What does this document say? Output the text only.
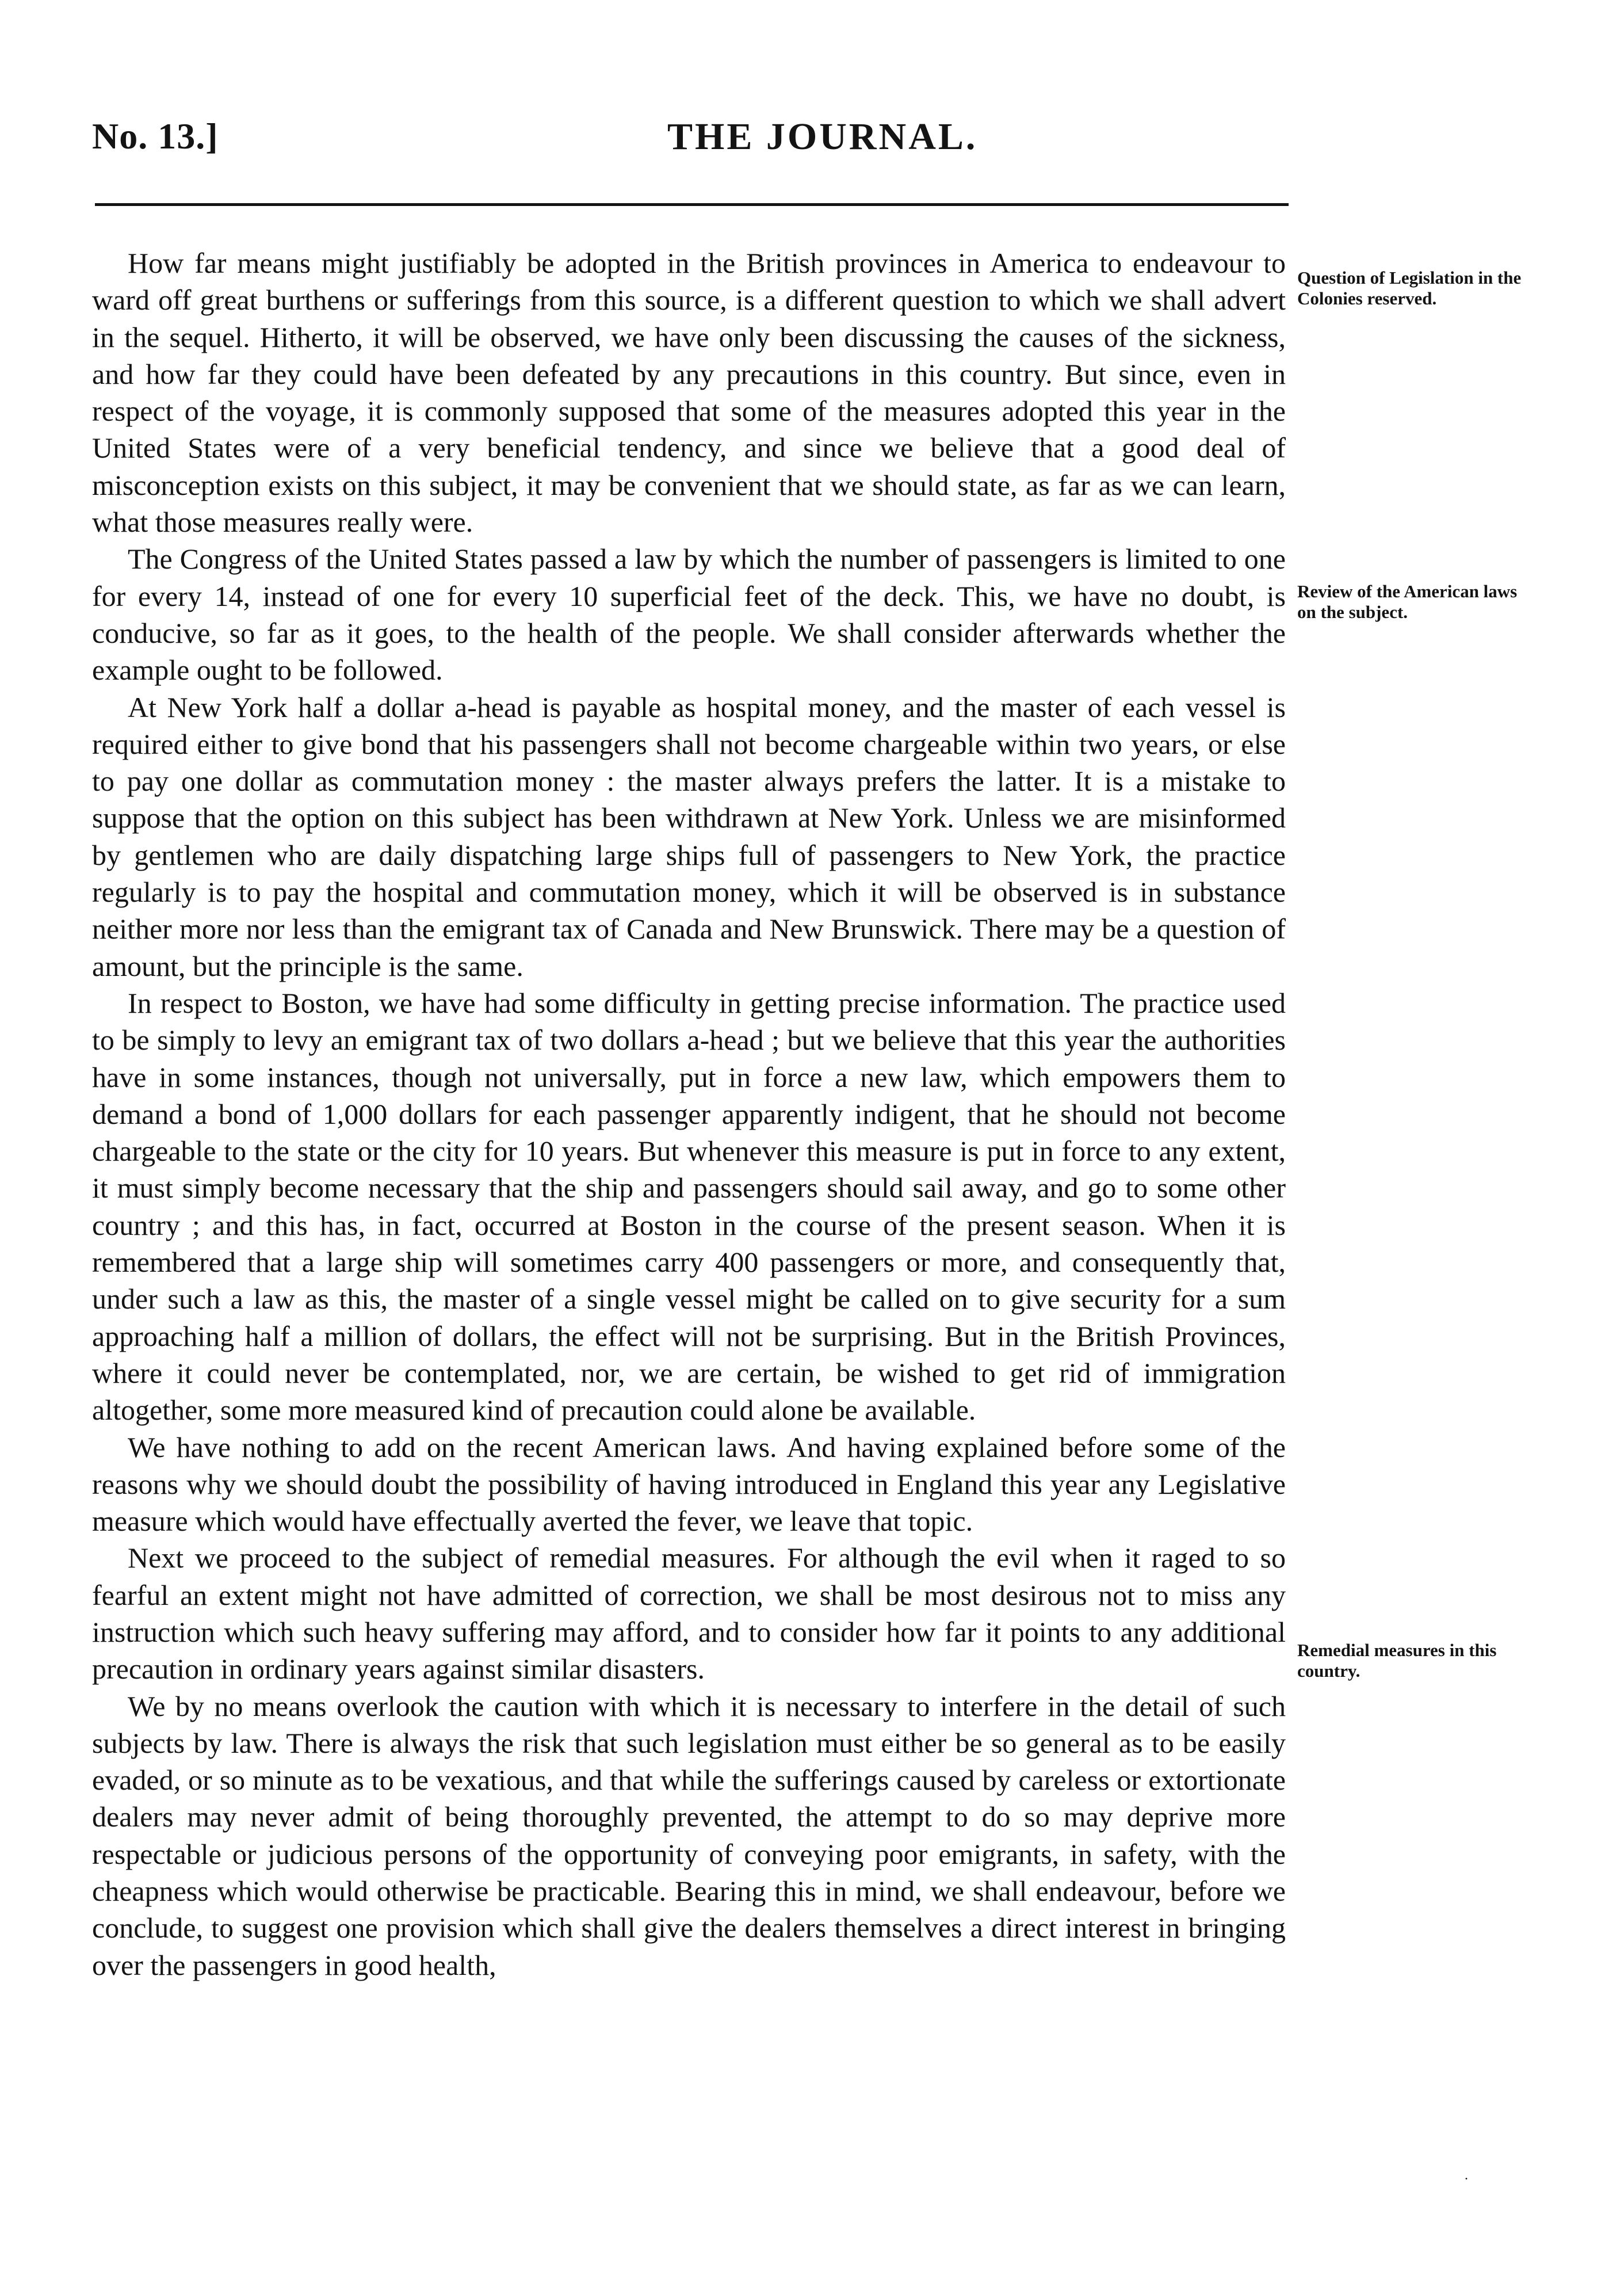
No. 13.]	THE JOURNAL.

How far means might justifiably be adopted in the British provinces in America to endeavour to ward off great burthens or sufferings from this source, is a different question to which we shall advert in the sequel. Hitherto, it will be observed, we have only been discussing the causes of the sickness, and how far they could have been defeated by any precautions in this country. But since, even in respect of the voyage, it is commonly supposed that some of the measures adopted this year in the United States were of a very beneficial tendency, and since we believe that a good deal of misconception exists on this subject, it may be convenient that we should state, as far as we can learn, what those measures really were.

The Congress of the United States passed a law by which the number of passengers is limited to one for every 14, instead of one for every 10 superficial feet of the deck. This, we have no doubt, is conducive, so far as it goes, to the health of the people. We shall consider afterwards whether the example ought to be followed.

At New York half a dollar a-head is payable as hospital money, and the master of each vessel is required either to give bond that his passengers shall not become chargeable within two years, or else to pay one dollar as commutation money : the master always prefers the latter. It is a mistake to suppose that the option on this subject has been withdrawn at New York. Unless we are misinformed by gentlemen who are daily dispatching large ships full of passengers to New York, the practice regularly is to pay the hospital and commutation money, which it will be observed is in substance neither more nor less than the emigrant tax of Canada and New Brunswick. There may be a question of amount, but the principle is the same.

In respect to Boston, we have had some difficulty in getting precise information. The practice used to be simply to levy an emigrant tax of two dollars a-head ; but we believe that this year the authorities have in some instances, though not universally, put in force a new law, which empowers them to demand a bond of 1,000 dollars for each passenger apparently indigent, that he should not become chargeable to the state or the city for 10 years. But whenever this measure is put in force to any extent, it must simply become necessary that the ship and passengers should sail away, and go to some other country ; and this has, in fact, occurred at Boston in the course of the present season. When it is remembered that a large ship will sometimes carry 400 passengers or more, and consequently that, under such a law as this, the master of a single vessel might be called on to give security for a sum approaching half a million of dollars, the effect will not be surprising. But in the British Provinces, where it could never be contemplated, nor, we are certain, be wished to get rid of immigration altogether, some more measured kind of precaution could alone be available.

We have nothing to add on the recent American laws. And having explained before some of the reasons why we should doubt the possibility of having introduced in England this year any Legislative measure which would have effectually averted the fever, we leave that topic.

Next we proceed to the subject of remedial measures. For although the evil when it raged to so fearful an extent might not have admitted of correction, we shall be most desirous not to miss any instruction which such heavy suffering may afford, and to consider how far it points to any additional precaution in ordinary years against similar disasters.

We by no means overlook the caution with which it is necessary to interfere in the detail of such subjects by law. There is always the risk that such legislation must either be so general as to be easily evaded, or so minute as to be vexatious, and that while the sufferings caused by careless or extortionate dealers may never admit of being thoroughly prevented, the attempt to do so may deprive more respectable or judicious persons of the opportunity of conveying poor emigrants, in safety, with the cheapness which would otherwise be practicable. Bearing this in mind, we shall endeavour, before we conclude, to suggest one provision which shall give the dealers themselves a direct interest in bringing over the passengers in good health,

Question of Legislation in the Colonies reserved.
Review of the American laws on the subject.
Remedial measures in this country.
·
